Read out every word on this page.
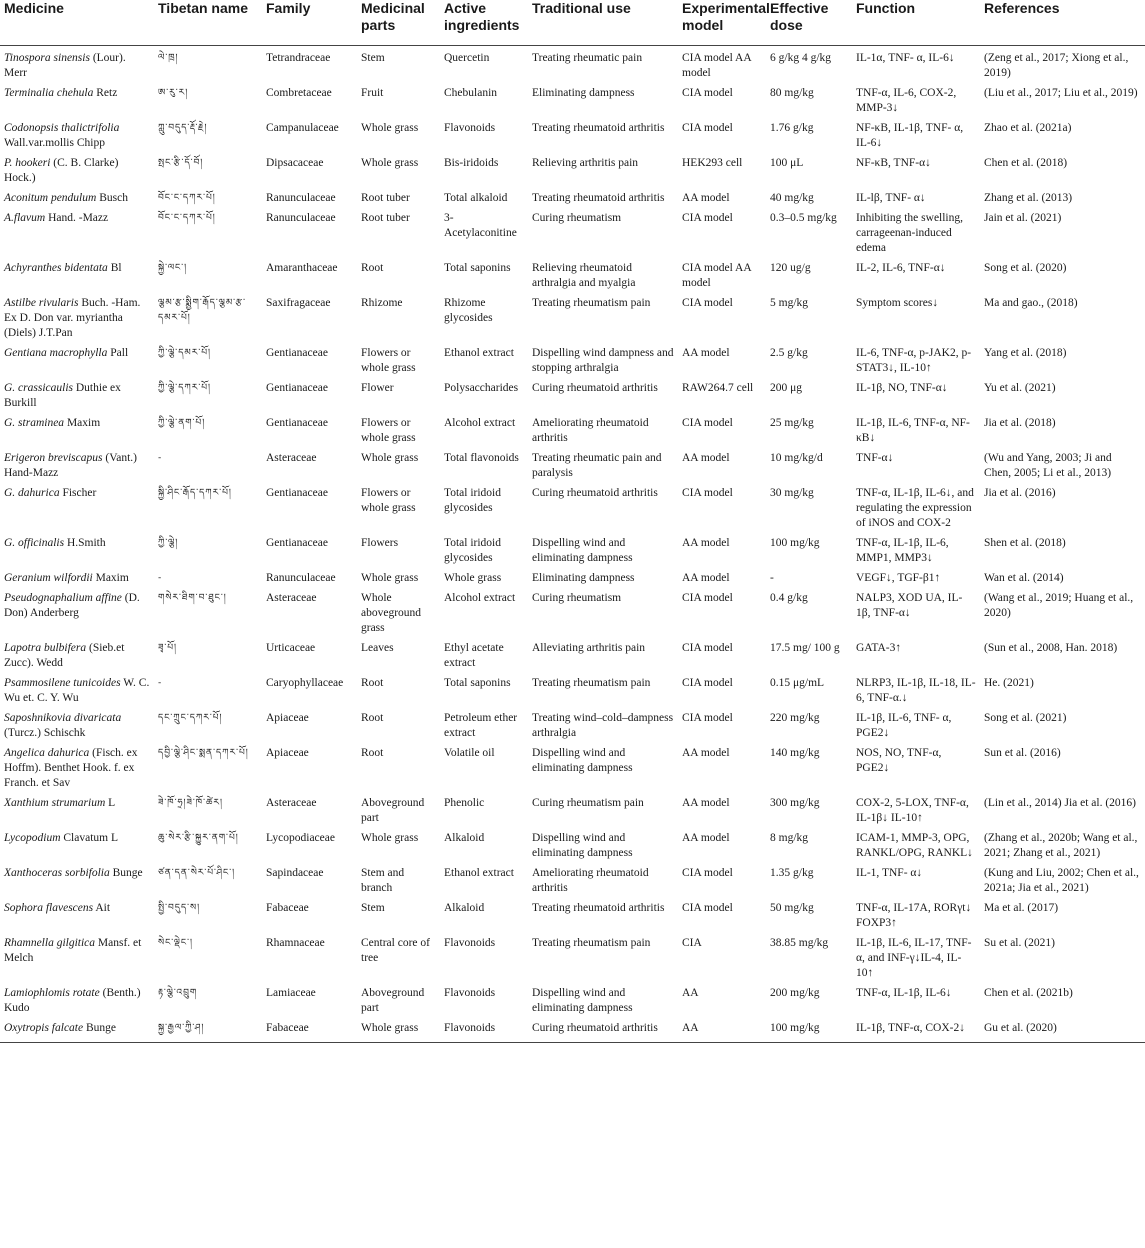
Medicine	Tibetan name	Family	Medicinal parts	Active ingredients	Traditional use	Experimental model	Effective dose	Function	References
Tinospora sinensis (Lour). Merr	ལེ་ཁྲ།	Tetrandraceae	Stem	Quercetin	Treating rheumatic pain	CIA model AA model	6 g/kg 4 g/kg	IL-1α, TNF- α, IL-6↓	(Zeng et al., 2017; Xiong et al., 2019)
Terminalia chehula Retz	ཨ་རུ་ར།	Combretaceae	Fruit	Chebulanin	Eliminating dampness	CIA model	80 mg/kg	TNF-α, IL-6, COX-2, MMP-3↓	(Liu et al., 2017; Liu et al., 2019)
Codonopsis thalictrifolia Wall.var.mollis Chipp	ཀླུ་བདུད་རྡོ་རྗེ།	Campanulaceae	Whole grass	Flavonoids	Treating rheumatoid arthritis	CIA model	1.76 g/kg	NF-κB, IL-1β, TNF- α, IL-6↓	Zhao et al. (2021a)
P. hookeri (C. B. Clarke) Hock.)	སྤང་རྩི་དོ་བོ།	Dipsacaceae	Whole grass	Bis-iridoids	Relieving arthritis pain	HEK293 cell	100 μL	NF-κB, TNF-α↓	Chen et al. (2018)
Aconitum pendulum Busch	བོང་ང་དཀར་པོ།	Ranunculaceae	Root tuber	Total alkaloid	Treating rheumatoid arthritis	AA model	40 mg/kg	IL-lβ, TNF- α↓	Zhang et al. (2013)
A.flavum Hand. -Mazz	བོང་ང་དཀར་པོ།	Ranunculaceae	Root tuber	3-Acetylaconitine	Curing rheumatism	CIA model	0.3–0.5 mg/kg	Inhibiting the swelling, carrageenan-induced edema	Jain et al. (2021)
Achyranthes bidentata Bl	སྐྱེ་ལང་།	Amaranthaceae	Root	Total saponins	Relieving rheumatoid arthralgia and myalgia	CIA model AA model	120 ug/g	IL-2, IL-6, TNF-α↓	Song et al. (2020)
Astilbe rivularis Buch. -Ham. Ex D. Don var. myriantha (Diels) J.T.Pan	ལྕམ་རྩ་སྨྱིག་རྒོད་ལྕམ་རྩ་དམར་པོ།	Saxifragaceae	Rhizome	Rhizome glycosides	Treating rheumatism pain	CIA model	5 mg/kg	Symptom scores↓	Ma and gao., (2018)
Gentiana macrophylla Pall	ཀྱི་ལྕེ་དམར་པོ།	Gentianaceae	Flowers or whole grass	Ethanol extract	Dispelling wind dampness and stopping arthralgia	AA model	2.5 g/kg	IL-6, TNF-α, p-JAK2, p-STAT3↓, IL-10↑	Yang et al. (2018)
G. crassicaulis Duthie ex Burkill	ཀྱི་ལྕེ་དཀར་པོ།	Gentianaceae	Flower	Polysaccharides	Curing rheumatoid arthritis	RAW264.7 cell	200 μg	IL-1β, NO, TNF-α↓	Yu et al. (2021)
G. straminea Maxim	ཀྱི་ལྕེ་ནག་པོ།	Gentianaceae	Flowers or whole grass	Alcohol extract	Ameliorating rheumatoid arthritis	CIA model	25 mg/kg	IL-1β, IL-6, TNF-α, NF-κB↓	Jia et al. (2018)
Erigeron breviscapus (Vant.) Hand-Mazz	-	Asteraceae	Whole grass	Total flavonoids	Treating rheumatic pain and paralysis	AA model	10 mg/kg/d	TNF-α↓	(Wu and Yang, 2003; Ji and Chen, 2005; Li et al., 2013)
G. dahurica Fischer	སྐྱི་ཤིང་རྒོད་དཀར་པོ།	Gentianaceae	Flowers or whole grass	Total iridoid glycosides	Curing rheumatoid arthritis	CIA model	30 mg/kg	TNF-α, IL-1β, IL-6↓, and regulating the expression of iNOS and COX-2	Jia et al. (2016)
G. officinalis H.Smith	ཀྱི་ལྕེ།	Gentianaceae	Flowers	Total iridoid glycosides	Dispelling wind and eliminating dampness	AA model	100 mg/kg	TNF-α, IL-1β, IL-6, MMP1, MMP3↓	Shen et al. (2018)
Geranium wilfordii Maxim	-	Ranunculaceae	Whole grass	Whole grass	Eliminating dampness	AA model	-	VEGF↓, TGF-β1↑	Wan et al. (2014)
Pseudognaphalium affine (D. Don) Anderberg	གསེར་ཐིག་བ་ཐུང་།	Asteraceae	Whole aboveground grass	Alcohol extract	Curing rheumatism	CIA model	0.4 g/kg	NALP3, XOD UA, IL-1β, TNF-α↓	(Wang et al., 2019; Huang et al., 2020)
Lapotra bulbifera (Sieb.et Zucc). Wedd	ཟྭ་པོ།	Urticaceae	Leaves	Ethyl acetate extract	Alleviating arthritis pain	CIA model	17.5 mg/ 100 g	GATA-3↑	(Sun et al., 2008, Han. 2018)
Psammosilene tunicoides W. C. Wu et. C. Y. Wu	-	Caryophyllaceae	Root	Total saponins	Treating rheumatism pain	CIA model	0.15 μg/mL	NLRP3, IL-1β, IL-18, IL-6, TNF-α.↓	He. (2021)
Saposhnikovia divaricata (Turcz.) Schischk	དང་ཀྲུང་དཀར་པོ།	Apiaceae	Root	Petroleum ether extract	Treating wind–cold–dampness arthralgia	CIA model	220 mg/kg	IL-1β, IL-6, TNF- α, PGE2↓	Song et al. (2021)
Angelica dahurica (Fisch. ex Hoffm). Benthet Hook. f. ex Franch. et Sav	དབྱི་ལྕེ་ཤིང་སྨན་དཀར་པོ།	Apiaceae	Root	Volatile oil	Dispelling wind and eliminating dampness	AA model	140 mg/kg	NOS, NO, TNF-α, PGE2↓	Sun et al. (2016)
Xanthium strumarium L	ཟེ་ཁོ་ཧྲ།ཟེ་ཁོ་ཚེར།	Asteraceae	Aboveground part	Phenolic	Curing rheumatism pain	AA model	300 mg/kg	COX-2, 5-LOX, TNF-α, IL-1β↓ IL-10↑	(Lin et al., 2014) Jia et al. (2016)
Lycopodium Clavatum L	ཆུ་སེར་རྩི་སྐྱུར་ནག་པོ།	Lycopodiaceae	Whole grass	Alkaloid	Dispelling wind and eliminating dampness	AA model	8 mg/kg	ICAM-1, MMP-3, OPG, RANKL/OPG, RANKL↓	(Zhang et al., 2020b; Wang et al., 2021; Zhang et al., 2021)
Xanthoceras sorbifolia Bunge	ཙན་དན་སེར་པོ་ཤིང་།	Sapindaceae	Stem and branch	Ethanol extract	Ameliorating rheumatoid arthritis	CIA model	1.35 g/kg	IL-1, TNF- α↓	(Kung and Liu, 2002; Chen et al., 2021a; Jia et al., 2021)
Sophora flavescens Ait	སྤྱི་བདུད་ས།	Fabaceae	Stem	Alkaloid	Treating rheumatoid arthritis	CIA model	50 mg/kg	TNF-α, IL-17A, RORγt↓ FOXP3↑	Ma et al. (2017)
Rhamnella gilgitica Mansf. et Melch	སེང་ལྡེང་།	Rhamnaceae	Central core of tree	Flavonoids	Treating rheumatism pain	CIA	38.85 mg/kg	IL-1β, IL-6, IL-17, TNF-α, and INF-γ↓IL-4, IL-10↑	Su et al. (2021)
Lamiophlomis rotate (Benth.) Kudo	རྟ་ལྕེ་འབྲུག	Lamiaceae	Aboveground part	Flavonoids	Dispelling wind and eliminating dampness	AA	200 mg/kg	TNF-α, IL-1β, IL-6↓	Chen et al. (2021b)
Oxytropis falcate Bunge	སྐྱ་རྒྱལ་ཀྱི་ཤ།	Fabaceae	Whole grass	Flavonoids	Curing rheumatoid arthritis	AA	100 mg/kg	IL-1β, TNF-α, COX-2↓	Gu et al. (2020)
